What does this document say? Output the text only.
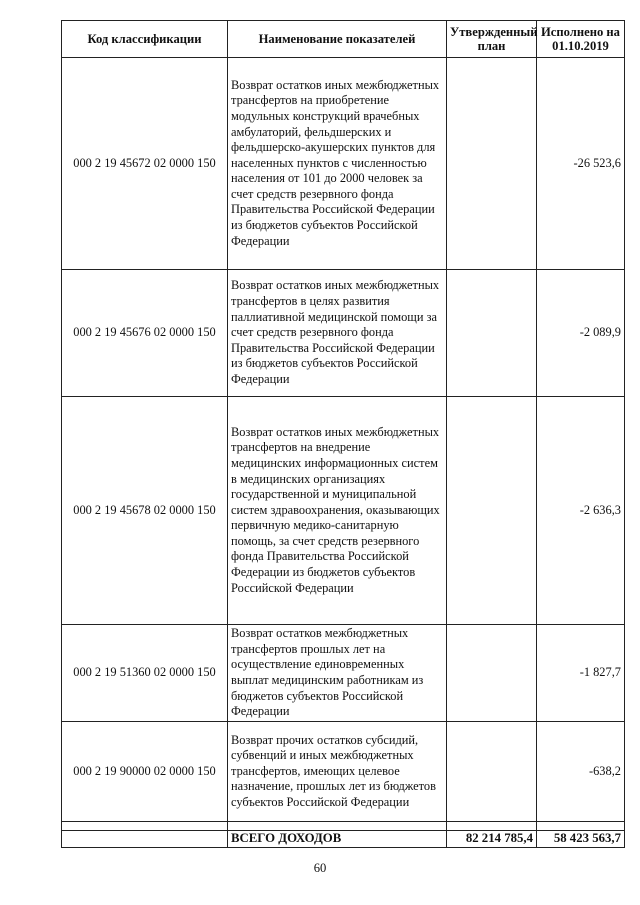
Код классификации	Наименование показателей	Утвержденный план	Исполнено на 01.10.2019
000 2 19 45672 02 0000 150	Возврат остатков иных межбюджетных трансфертов на приобретение модульных конструкций врачебных амбулаторий, фельдшерских и фельдшерско-акушерских пунктов для населенных пунктов с численностью населения от 101 до 2000 человек за счет средств резервного фонда Правительства Российской Федерации из бюджетов субъектов Российской Федерации		-26 523,6
000 2 19 45676 02 0000 150	Возврат остатков иных межбюджетных трансфертов в целях развития паллиативной медицинской помощи за счет средств резервного фонда Правительства Российской Федерации из бюджетов субъектов Российской Федерации		-2 089,9
000 2 19 45678 02 0000 150	Возврат остатков иных межбюджетных трансфертов на внедрение медицинских информационных систем в медицинских организациях государственной и муниципальной систем здравоохранения, оказывающих первичную медико-санитарную помощь, за счет средств резервного фонда Правительства Российской Федерации из бюджетов субъектов Российской Федерации		-2 636,3
000 2 19 51360 02 0000 150	Возврат остатков межбюджетных трансфертов прошлых лет на осуществление единовременных выплат медицинским работникам из бюджетов субъектов Российской Федерации		-1 827,7
000 2 19 90000 02 0000 150	Возврат прочих остатков субсидий, субвенций и иных межбюджетных трансфертов, имеющих целевое назначение, прошлых лет из бюджетов субъектов Российской Федерации		-638,2

	ВСЕГО ДОХОДОВ	82 214 785,4	58 423 563,7
60
